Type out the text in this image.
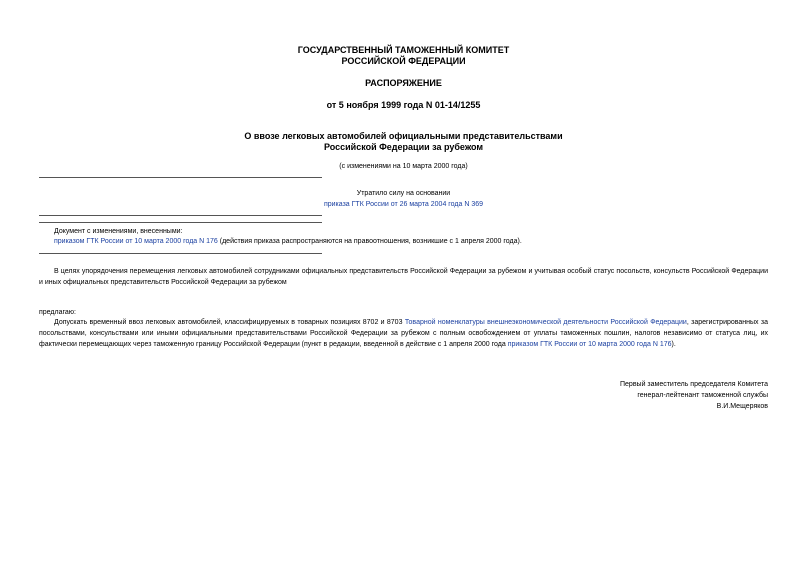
ГОСУДАРСТВЕННЫЙ ТАМОЖЕННЫЙ КОМИТЕТ
РОССИЙСКОЙ ФЕДЕРАЦИИ
РАСПОРЯЖЕНИЕ
от 5 ноября 1999 года N 01-14/1255
О ввозе легковых автомобилей официальными представительствами
Российской Федерации за рубежом
(с изменениями на 10 марта 2000 года)
Утратило силу на основании
приказа ГТК России от 26 марта 2004 года N 369
Документ с изменениями, внесенными:
приказом ГТК России от 10 марта 2000 года N 176 (действия приказа распространяются на правоотношения, возникшие с 1 апреля 2000 года).
В целях упорядочения перемещения легковых автомобилей сотрудниками официальных представительств Российской Федерации за рубежом и учитывая особый статус посольств, консульств Российской Федерации и иных официальных представительств Российской Федерации за рубежом
предлагаю:
Допускать временный ввоз легковых автомобилей, классифицируемых в товарных позициях 8702 и 8703 Товарной номенклатуры внешнеэкономической деятельности Российской Федерации, зарегистрированных за посольствами, консульствами или иными официальными представительствами Российской Федерации за рубежом с полным освобождением от уплаты таможенных пошлин, налогов независимо от статуса лиц, их фактически перемещающих через таможенную границу Российской Федерации (пункт в редакции, введенной в действие с 1 апреля 2000 года приказом ГТК России от 10 марта 2000 года N 176).
Первый заместитель председателя Комитета
генерал-лейтенант таможенной службы
В.И.Мещеряков
